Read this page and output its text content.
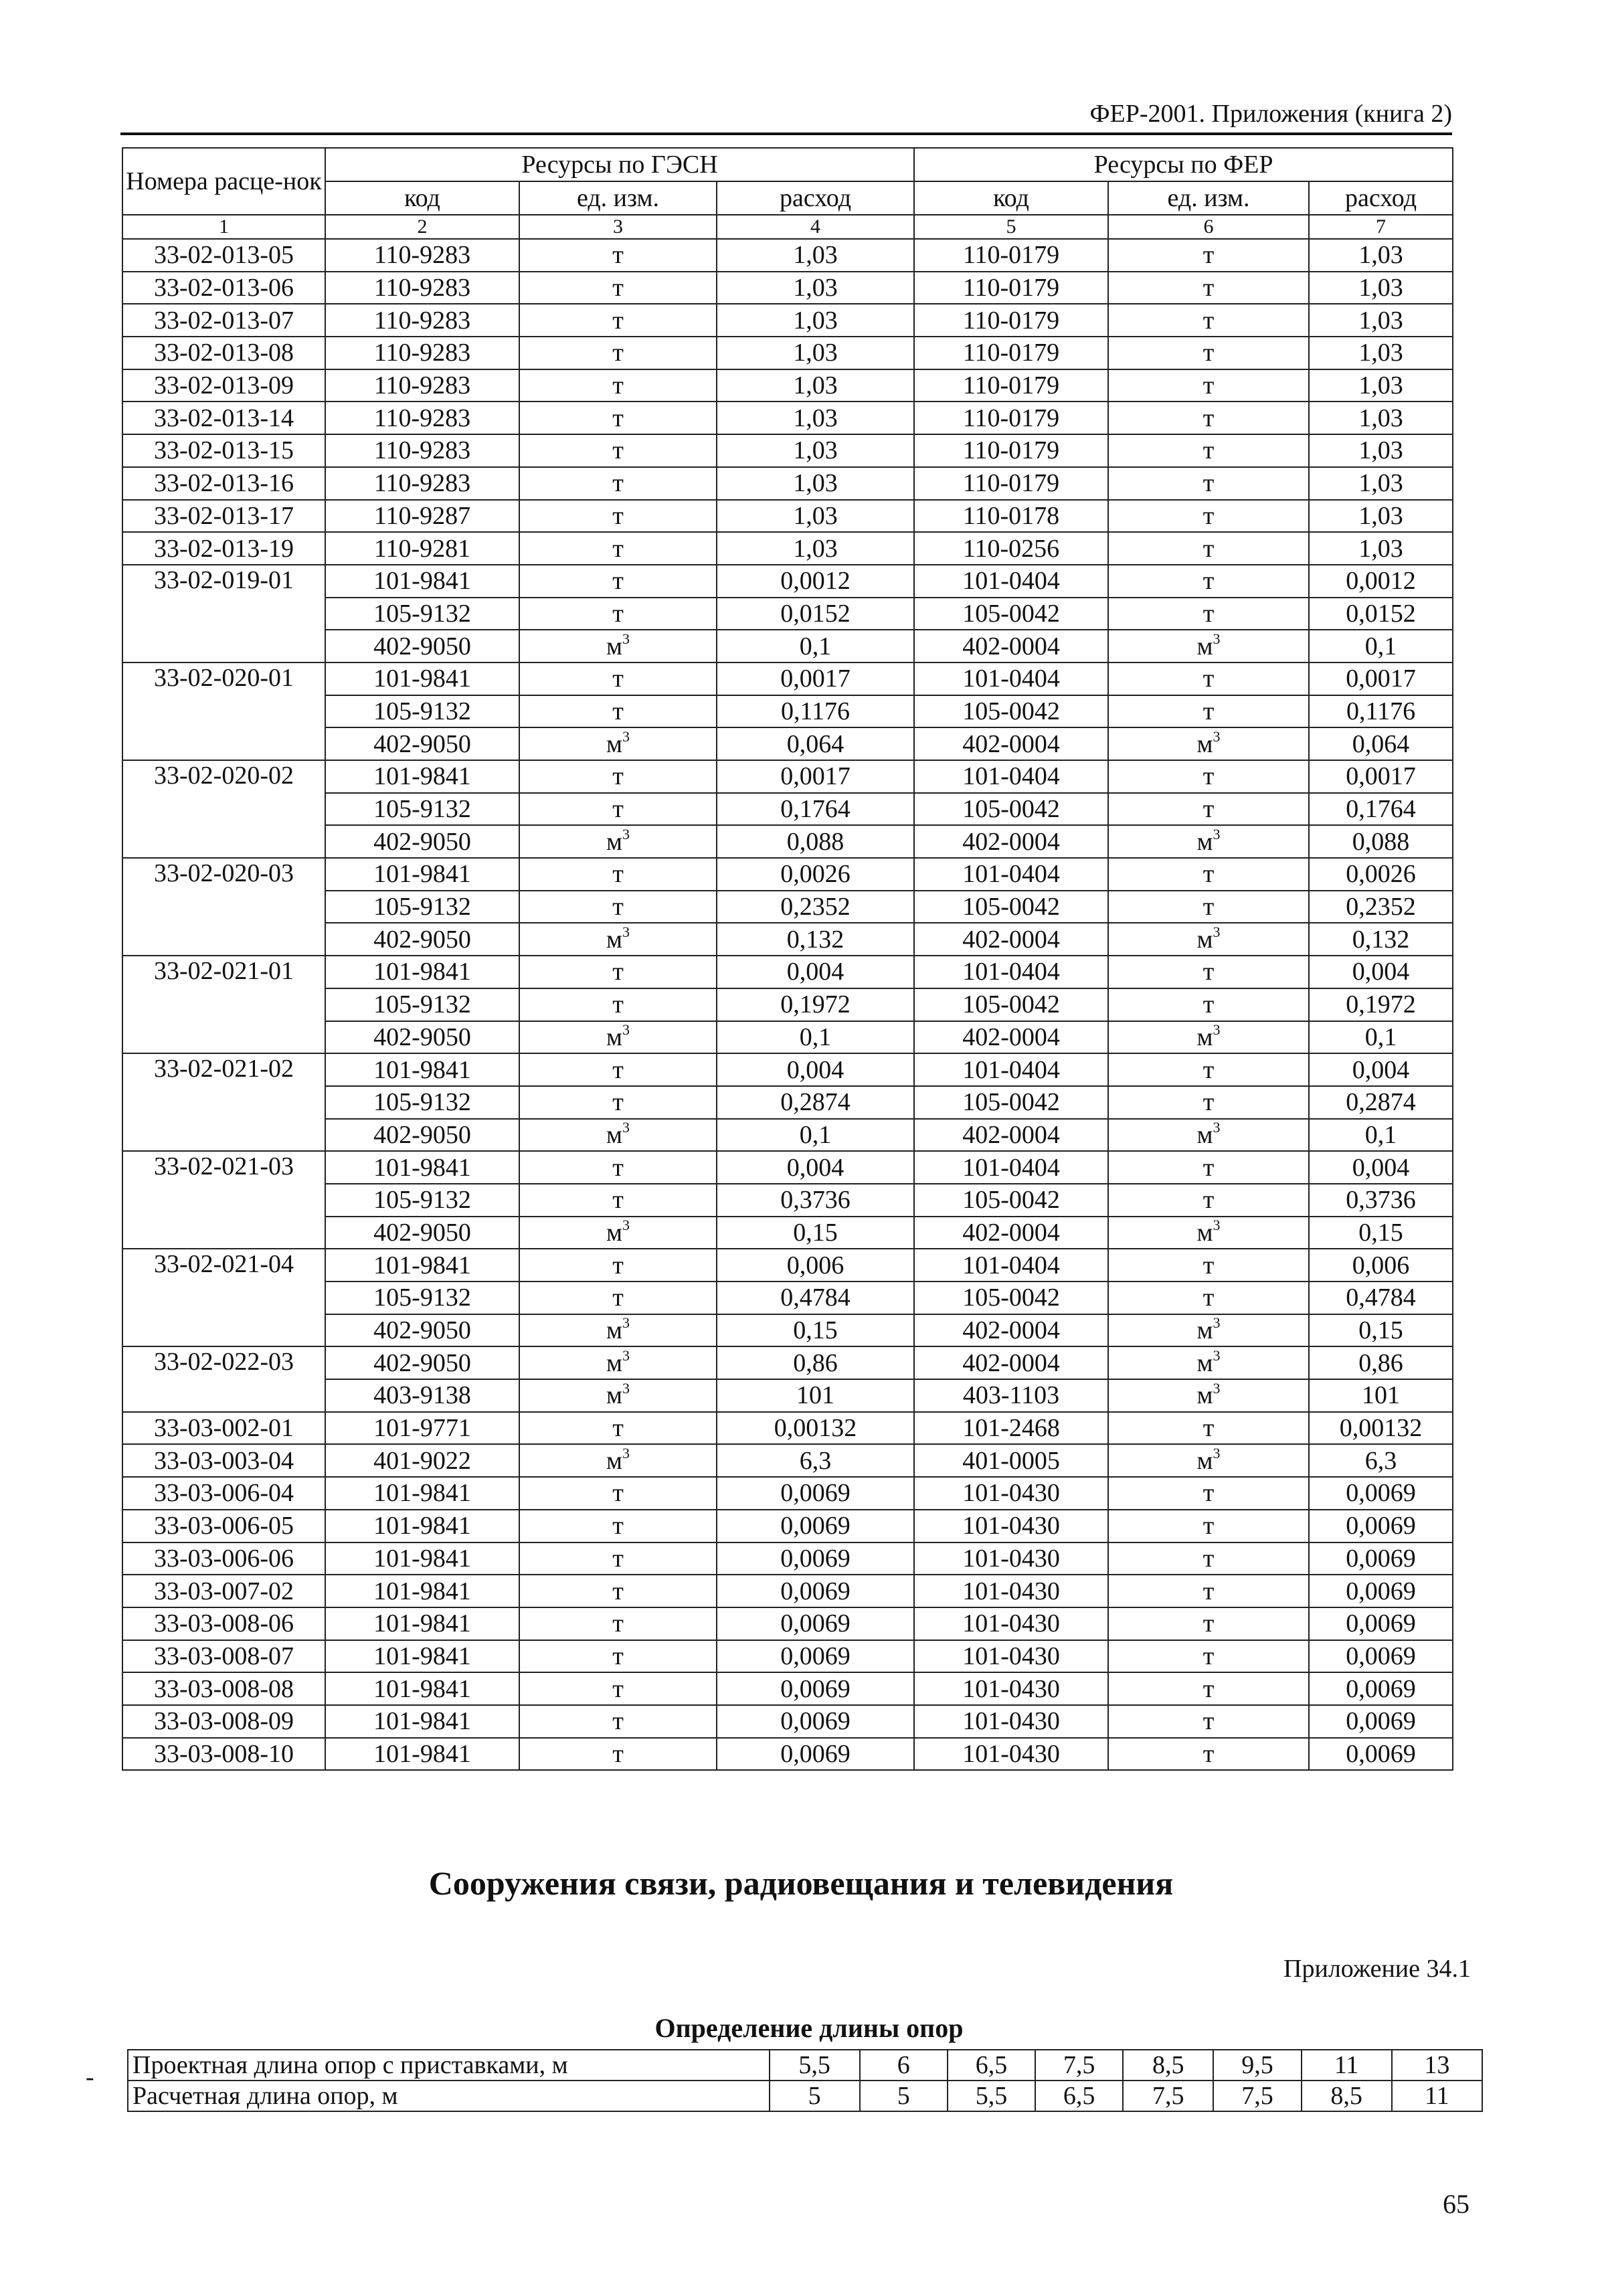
ФЕР-2001. Приложения (книга 2)
Номера расце-нок	Ресурсы по ГЭСН			Ресурсы по ФЕР		
	код	ед. изм.	расход	код	ед. изм.	расход
1	2	3	4	5	6	7
33-02-013-05	110-9283	т	1,03	110-0179	т	1,03
33-02-013-06	110-9283	т	1,03	110-0179	т	1,03
33-02-013-07	110-9283	т	1,03	110-0179	т	1,03
33-02-013-08	110-9283	т	1,03	110-0179	т	1,03
33-02-013-09	110-9283	т	1,03	110-0179	т	1,03
33-02-013-14	110-9283	т	1,03	110-0179	т	1,03
33-02-013-15	110-9283	т	1,03	110-0179	т	1,03
33-02-013-16	110-9283	т	1,03	110-0179	т	1,03
33-02-013-17	110-9287	т	1,03	110-0178	т	1,03
33-02-013-19	110-9281	т	1,03	110-0256	т	1,03
33-02-019-01	101-9841	т	0,0012	101-0404	т	0,0012
	105-9132	т	0,0152	105-0042	т	0,0152
	402-9050	$м^3$	0,1	402-0004	$м^3$	0,1
33-02-020-01	101-9841	т	0,0017	101-0404	т	0,0017
	105-9132	т	0,1176	105-0042	т	0,1176
	402-9050	$м^3$	0,064	402-0004	$м^3$	0,064
33-02-020-02	101-9841	т	0,0017	101-0404	т	0,0017
	105-9132	т	0,1764	105-0042	т	0,1764
	402-9050	$м^3$	0,088	402-0004	$м^3$	0,088
33-02-020-03	101-9841	т	0,0026	101-0404	т	0,0026
	105-9132	т	0,2352	105-0042	т	0,2352
	402-9050	$м^3$	0,132	402-0004	$м^3$	0,132
33-02-021-01	101-9841	т	0,004	101-0404	т	0,004
	105-9132	т	0,1972	105-0042	т	0,1972
	402-9050	$м^3$	0,1	402-0004	$м^3$	0,1
33-02-021-02	101-9841	т	0,004	101-0404	т	0,004
	105-9132	т	0,2874	105-0042	т	0,2874
	402-9050	$м^3$	0,1	402-0004	$м^3$	0,1
33-02-021-03	101-9841	т	0,004	101-0404	т	0,004
	105-9132	т	0,3736	105-0042	т	0,3736
	402-9050	$м^3$	0,15	402-0004	$м^3$	0,15
33-02-021-04	101-9841	т	0,006	101-0404	т	0,006
	105-9132	т	0,4784	105-0042	т	0,4784
	402-9050	$м^3$	0,15	402-0004	$м^3$	0,15
33-02-022-03	402-9050	$м^3$	0,86	402-0004	$м^3$	0,86
	403-9138	$м^3$	101	403-1103	$м^3$	101
33-03-002-01	101-9771	т	0,00132	101-2468	т	0,00132
33-03-003-04	401-9022	$м^3$	6,3	401-0005	$м^3$	6,3
33-03-006-04	101-9841	т	0,0069	101-0430	т	0,0069
33-03-006-05	101-9841	т	0,0069	101-0430	т	0,0069
33-03-006-06	101-9841	т	0,0069	101-0430	т	0,0069
33-03-007-02	101-9841	т	0,0069	101-0430	т	0,0069
33-03-008-06	101-9841	т	0,0069	101-0430	т	0,0069
33-03-008-07	101-9841	т	0,0069	101-0430	т	0,0069
33-03-008-08	101-9841	т	0,0069	101-0430	т	0,0069
33-03-008-09	101-9841	т	0,0069	101-0430	т	0,0069
33-03-008-10	101-9841	т	0,0069	101-0430	т	0,0069
Сооружения связи, радиовещания и телевидения
Приложение 34.1
Определение длины опор
- Проектная длина опор с приставками, м	5,5	6	6,5	7,5	8,5	9,5	11	13
Расчетная длина опор, м	5	5	5,5	6,5	7,5	7,5	8,5	11
65
